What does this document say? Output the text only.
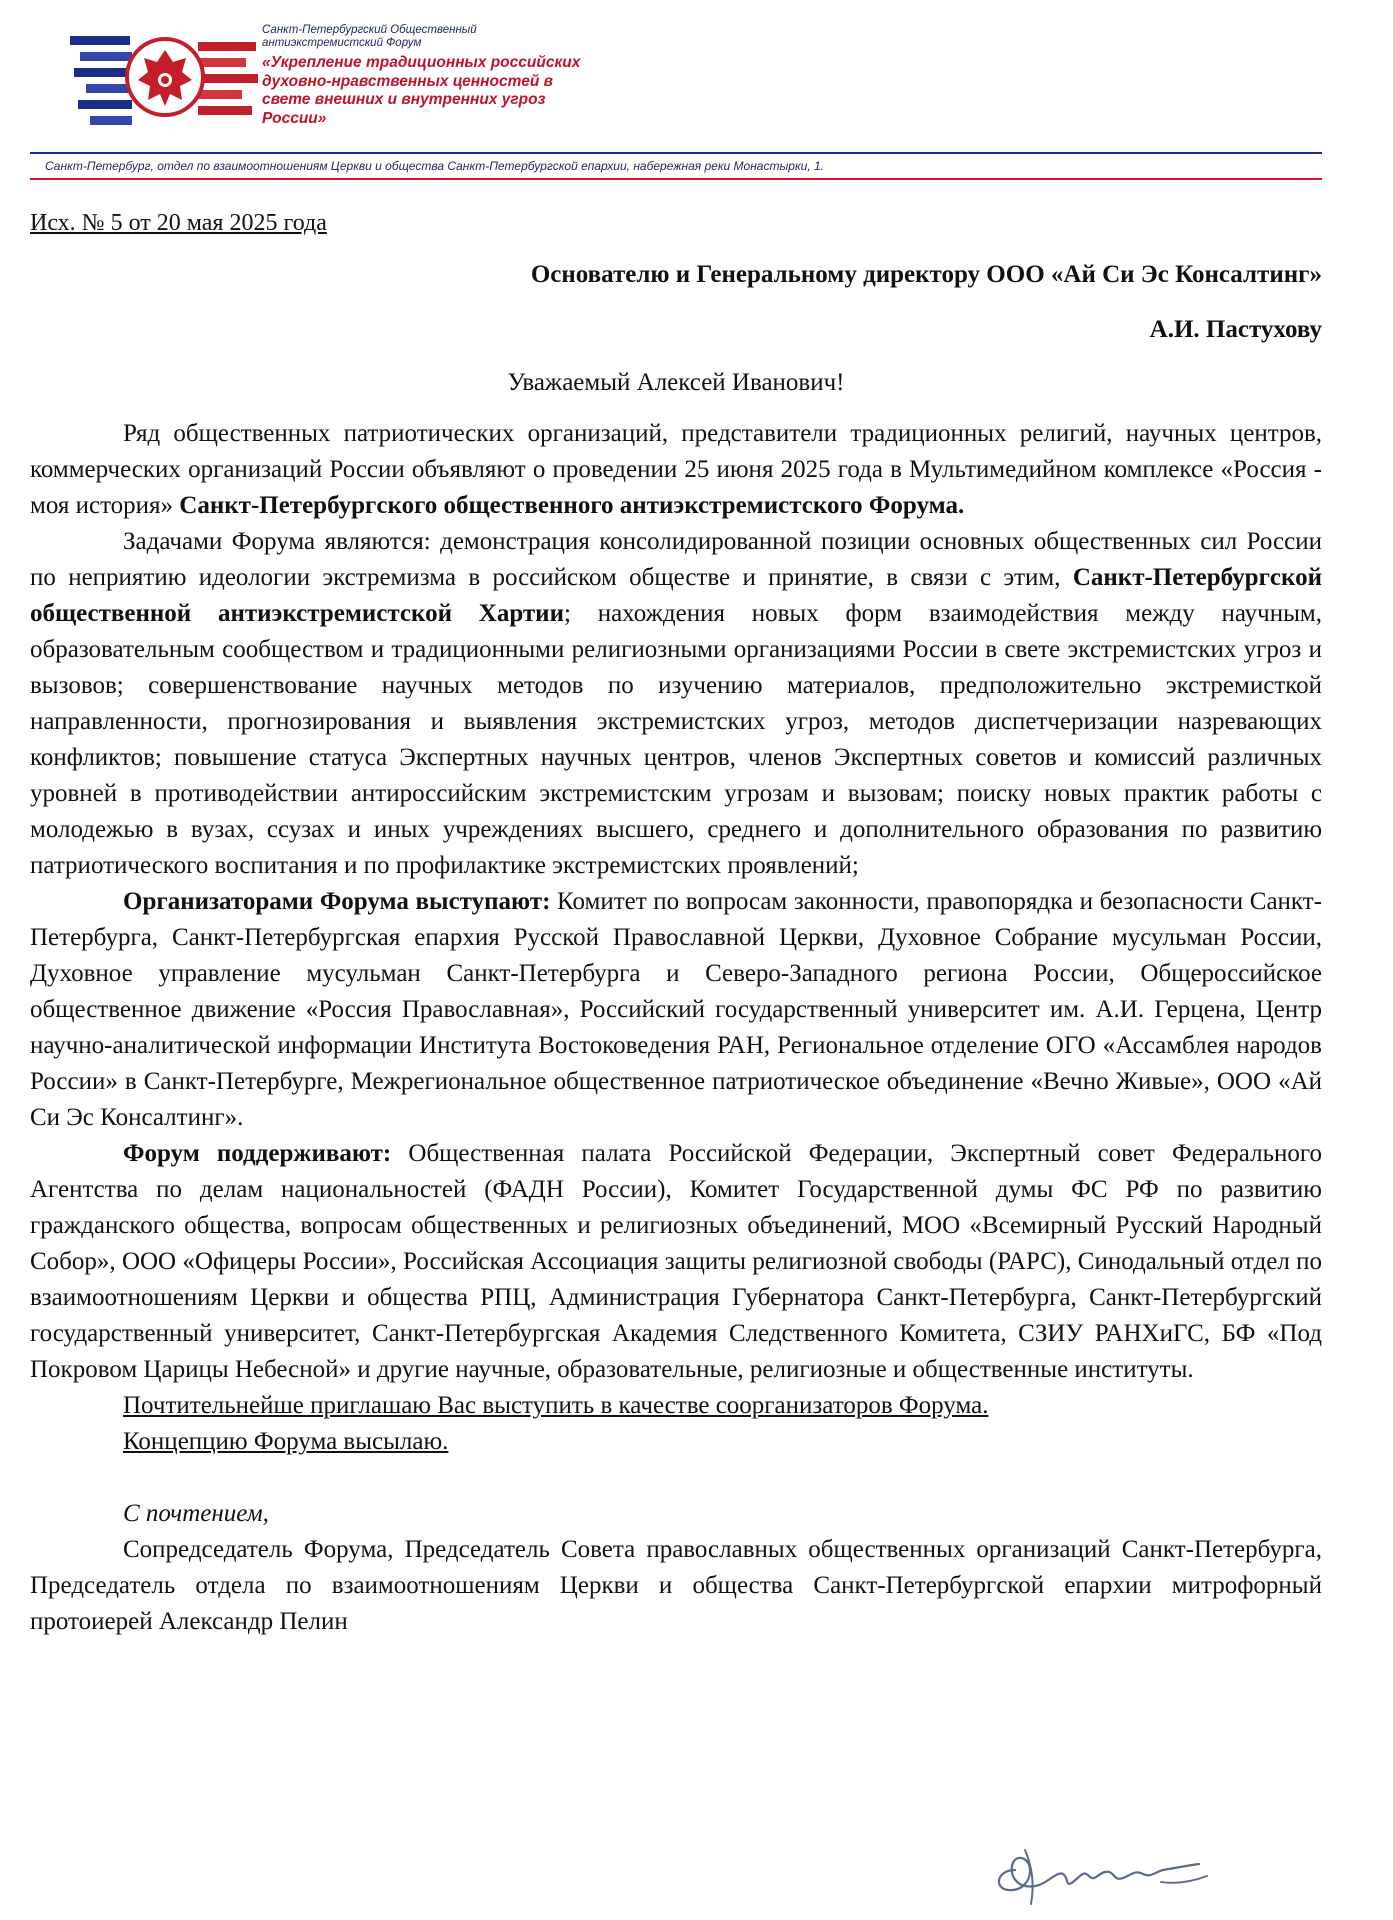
Санкт-Петербургский Общественный антиэкстремистский Форум
«Укрепление традиционных российских духовно-нравственных ценностей в свете внешних и внутренних угроз России»
Санкт-Петербург, отдел по взаимоотношениям Церкви и общества Санкт-Петербургской епархии, набережная реки Монастырки, 1.
Исх. № 5 от 20 мая 2025 года
Основателю и Генеральному директору ООО «Ай Си Эс Консалтинг»
А.И. Пастухову
Уважаемый Алексей Иванович!

Ряд общественных патриотических организаций, представители традиционных религий, научных центров, коммерческих организаций России объявляют о проведении 25 июня 2025 года в Мультимедийном комплексе «Россия - моя история» Санкт-Петербургского общественного антиэкстремистского Форума.

Задачами Форума являются: демонстрация консолидированной позиции основных общественных сил России по неприятию идеологии экстремизма в российском обществе и принятие, в связи с этим, Санкт-Петербургской общественной антиэкстремистской Хартии; нахождения новых форм взаимодействия между научным, образовательным сообществом и традиционными религиозными организациями России в свете экстремистских угроз и вызовов; совершенствование научных методов по изучению материалов, предположительно экстремисткой направленности, прогнозирования и выявления экстремистских угроз, методов диспетчеризации назревающих конфликтов; повышение статуса Экспертных научных центров, членов Экспертных советов и комиссий различных уровней в противодействии антироссийским экстремистским угрозам и вызовам; поиску новых практик работы с молодежью в вузах, ссузах и иных учреждениях высшего, среднего и дополнительного образования по развитию патриотического воспитания и по профилактике экстремистских проявлений;

Организаторами Форума выступают: Комитет по вопросам законности, правопорядка и безопасности Санкт-Петербурга, Санкт-Петербургская епархия Русской Православной Церкви, Духовное Собрание мусульман России, Духовное управление мусульман Санкт-Петербурга и Северо-Западного региона России, Общероссийское общественное движение «Россия Православная», Российский государственный университет им. А.И. Герцена, Центр научно-аналитической информации Института Востоковедения РАН, Региональное отделение ОГО «Ассамблея народов России» в Санкт-Петербурге, Межрегиональное общественное патриотическое объединение «Вечно Живые», ООО «Ай Си Эс Консалтинг».

Форум поддерживают: Общественная палата Российской Федерации, Экспертный совет Федерального Агентства по делам национальностей (ФАДН России), Комитет Государственной думы ФС РФ по развитию гражданского общества, вопросам общественных и религиозных объединений, МОО «Всемирный Русский Народный Собор», ООО «Офицеры России», Российская Ассоциация защиты религиозной свободы (РАРС), Синодальный отдел по взаимоотношениям Церкви и общества РПЦ, Администрация Губернатора Санкт-Петербурга, Санкт-Петербургский государственный университет, Санкт-Петербургская Академия Следственного Комитета, СЗИУ РАНХиГС, БФ «Под Покровом Царицы Небесной» и другие научные, образовательные, религиозные и общественные институты.

Почтительнейше приглашаю Вас выступить в качестве соорганизаторов Форума.
Концепцию Форума высылаю.
С почтением,

Сопредседатель Форума, Председатель Совета православных общественных организаций Санкт-Петербурга, Председатель отдела по взаимоотношениям Церкви и общества Санкт-Петербургской епархии митрофорный протоиерей Александр Пелин
